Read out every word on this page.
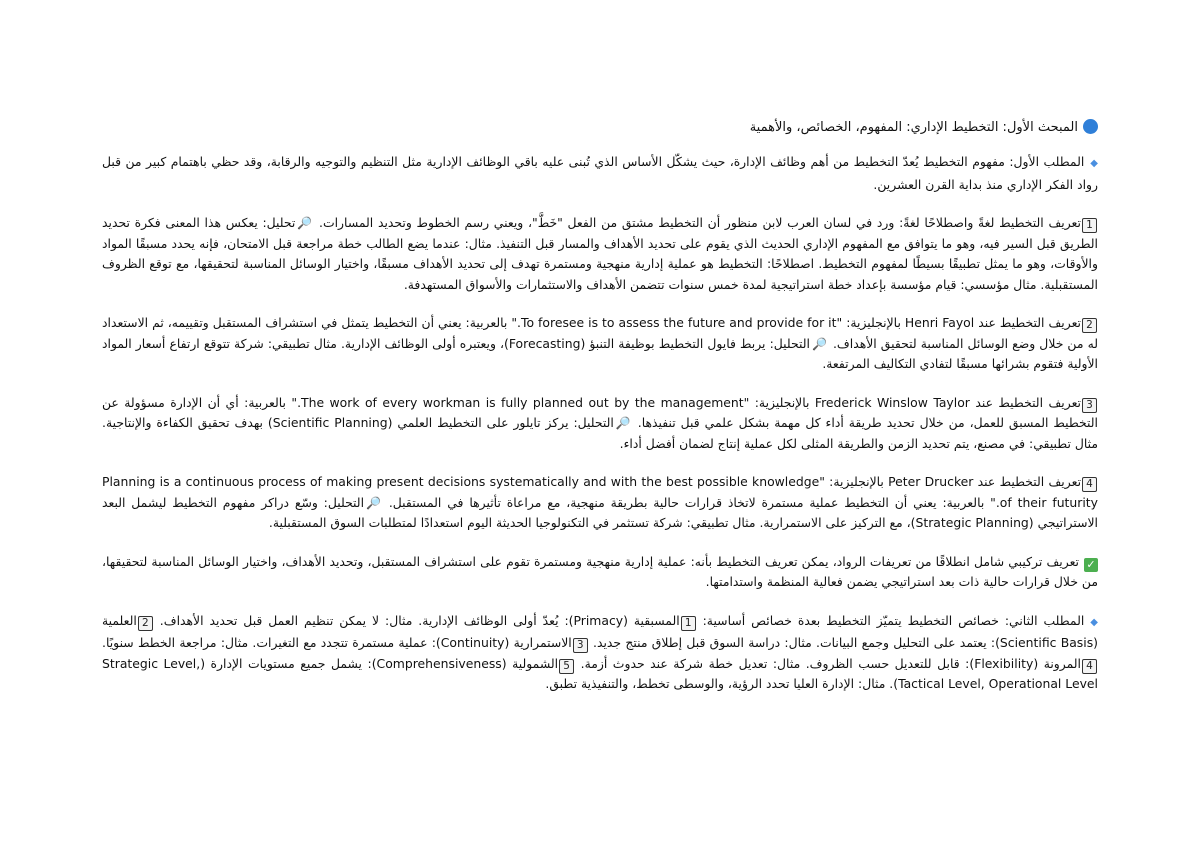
المبحث الأول: التخطيط الإداري: المفهوم، الخصائص، والأهمية

◆المطلب الأول: مفهوم التخطيط يُعدّ التخطيط من أهم وظائف الإدارة، حيث يشكّل الأساس الذي تُبنى عليه باقي الوظائف الإدارية مثل التنظيم والتوجيه والرقابة، وقد حظي باهتمام كبير من قبل رواد الفكر الإداري منذ بداية القرن العشرين.

1تعريف التخطيط لغةً واصطلاحًا لغةً: ورد في لسان العرب لابن منظور أن التخطيط مشتق من الفعل "خَطَّ"، ويعني رسم الخطوط وتحديد المسارات. 🔎تحليل: يعكس هذا المعنى فكرة تحديد الطريق قبل السير فيه، وهو ما يتوافق مع المفهوم الإداري الحديث الذي يقوم على تحديد الأهداف والمسار قبل التنفيذ. مثال: عندما يضع الطالب خطة مراجعة قبل الامتحان، فإنه يحدد مسبقًا المواد والأوقات، وهو ما يمثل تطبيقًا بسيطًا لمفهوم التخطيط. اصطلاحًا: التخطيط هو عملية إدارية منهجية ومستمرة تهدف إلى تحديد الأهداف مسبقًا، واختيار الوسائل المناسبة لتحقيقها، مع توقع الظروف المستقبلية. مثال مؤسسي: قيام مؤسسة بإعداد خطة استراتيجية لمدة خمس سنوات تتضمن الأهداف والاستثمارات والأسواق المستهدفة.

2تعريف التخطيط عند Henri Fayol بالإنجليزية: "To foresee is to assess the future and provide for it." بالعربية: يعني أن التخطيط يتمثل في استشراف المستقبل وتقييمه، ثم الاستعداد له من خلال وضع الوسائل المناسبة لتحقيق الأهداف. 🔎التحليل: يربط فايول التخطيط بوظيفة التنبؤ (Forecasting)، ويعتبره أولى الوظائف الإدارية. مثال تطبيقي: شركة تتوقع ارتفاع أسعار المواد الأولية فتقوم بشرائها مسبقًا لتفادي التكاليف المرتفعة.

3تعريف التخطيط عند Frederick Winslow Taylor بالإنجليزية: "The work of every workman is fully planned out by the management." بالعربية: أي أن الإدارة مسؤولة عن التخطيط المسبق للعمل، من خلال تحديد طريقة أداء كل مهمة بشكل علمي قبل تنفيذها. 🔎التحليل: يركز تايلور على التخطيط العلمي (Scientific Planning) بهدف تحقيق الكفاءة والإنتاجية. مثال تطبيقي: في مصنع، يتم تحديد الزمن والطريقة المثلى لكل عملية إنتاج لضمان أفضل أداء.

4تعريف التخطيط عند Peter Drucker بالإنجليزية: "Planning is a continuous process of making present decisions systematically and with the best possible knowledge of their futurity." بالعربية: يعني أن التخطيط عملية مستمرة لاتخاذ قرارات حالية بطريقة منهجية، مع مراعاة تأثيرها في المستقبل. 🔎التحليل: وسّع دراكر مفهوم التخطيط ليشمل البعد الاستراتيجي (Strategic Planning)، مع التركيز على الاستمرارية. مثال تطبيقي: شركة تستثمر في التكنولوجيا الحديثة اليوم استعدادًا لمتطلبات السوق المستقبلية.

✓تعريف تركيبي شامل انطلاقًا من تعريفات الرواد، يمكن تعريف التخطيط بأنه: عملية إدارية منهجية ومستمرة تقوم على استشراف المستقبل، وتحديد الأهداف، واختيار الوسائل المناسبة لتحقيقها، من خلال قرارات حالية ذات بعد استراتيجي يضمن فعالية المنظمة واستدامتها.

◆المطلب الثاني: خصائص التخطيط يتميّز التخطيط بعدة خصائص أساسية: 1المسبقية (Primacy): يُعدّ أولى الوظائف الإدارية. مثال: لا يمكن تنظيم العمل قبل تحديد الأهداف. 2العلمية (Scientific Basis): يعتمد على التحليل وجمع البيانات. مثال: دراسة السوق قبل إطلاق منتج جديد. 3الاستمرارية (Continuity): عملية مستمرة تتجدد مع التغيرات. مثال: مراجعة الخطط سنويًا. 4المرونة (Flexibility): قابل للتعديل حسب الظروف. مثال: تعديل خطة شركة عند حدوث أزمة. 5الشمولية (Comprehensiveness): يشمل جميع مستويات الإدارة (Strategic Level, Tactical Level, Operational Level). مثال: الإدارة العليا تحدد الرؤية، والوسطى تخطط، والتنفيذية تطبق.
